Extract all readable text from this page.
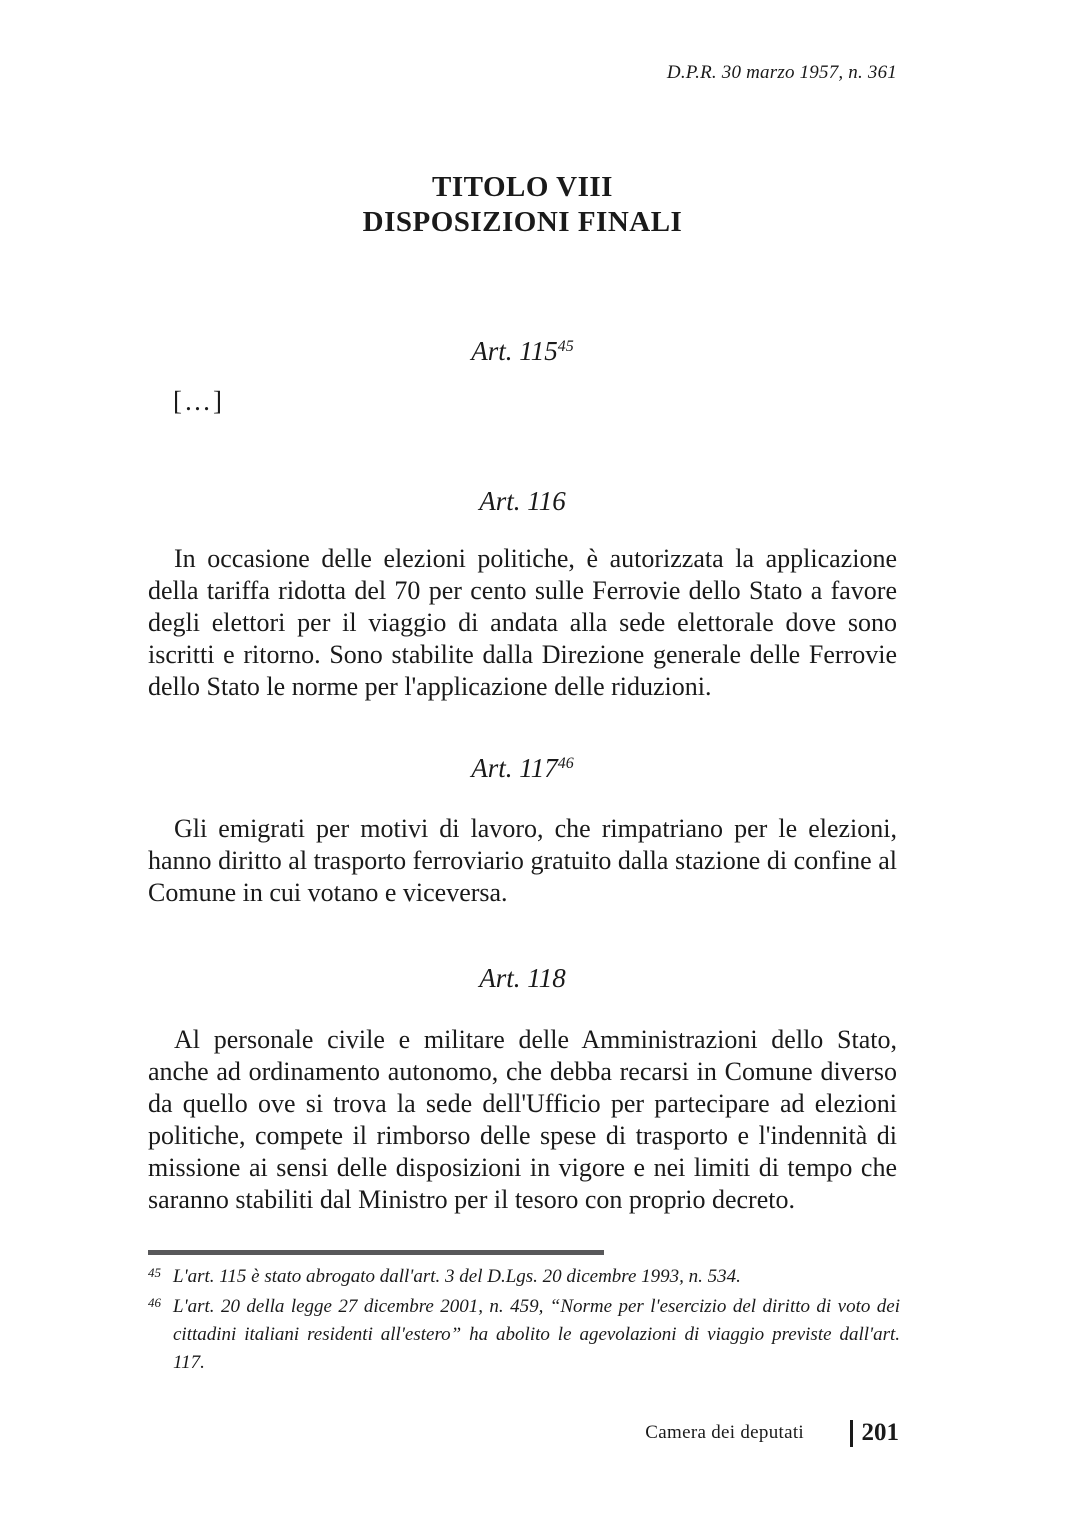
D.P.R. 30 marzo 1957, n. 361
TITOLO VIII
DISPOSIZIONI FINALI
Art. $115^{45}$
[…]
Art. 116

In occasione delle elezioni politiche, è autorizzata la applicazione della tariffa ridotta del 70 per cento sulle Ferrovie dello Stato a favore degli elettori per il viaggio di andata alla sede elettorale dove sono iscritti e ritorno. Sono stabilite dalla Direzione generale delle Ferrovie dello Stato le norme per l'applicazione delle riduzioni.

Art. $117^{46}$

Gli emigrati per motivi di lavoro, che rimpatriano per le elezioni, hanno diritto al trasporto ferroviario gratuito dalla stazione di confine al Comune in cui votano e viceversa.

Art. 118

Al personale civile e militare delle Amministrazioni dello Stato, anche ad ordinamento autonomo, che debba recarsi in Comune diverso da quello ove si trova la sede dell'Ufficio per partecipare ad elezioni politiche, compete il rimborso delle spese di trasporto e l'indennità di missione ai sensi delle disposizioni in vigore e nei limiti di tempo che saranno stabiliti dal Ministro per il tesoro con proprio decreto.

45 L'art. 115 è stato abrogato dall'art. 3 del D.Lgs. 20 dicembre 1993, n. 534.
46 L'art. 20 della legge 27 dicembre 2001, n. 459, “Norme per l'esercizio del diritto di voto dei cittadini italiani residenti all'estero” ha abolito le agevolazioni di viaggio previste dall'art. 117.
Camera dei deputati 201
